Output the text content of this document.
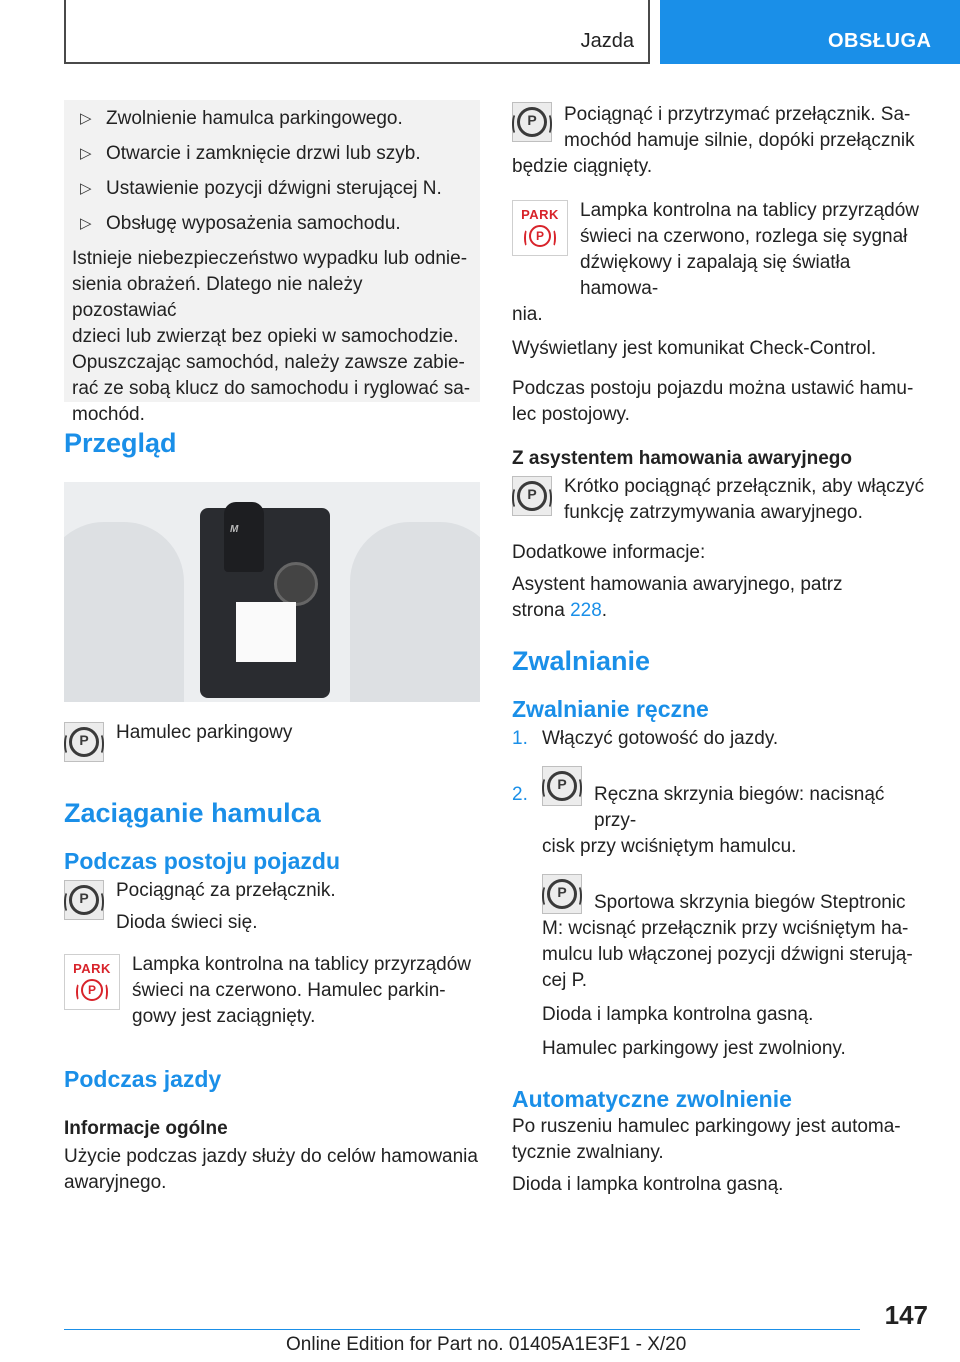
Jazda	OBSŁUGA
▷ Zwolnienie hamulca parkingowego.
▷ Otwarcie i zamknięcie drzwi lub szyb.
▷ Ustawienie pozycji dźwigni sterującej N.
▷ Obsługę wyposażenia samochodu.
Istnieje niebezpieczeństwo wypadku lub odnie-
sienia obrażeń. Dlatego nie należy pozostawiać
dzieci lub zwierząt bez opieki w samochodzie.
Opuszczając samochód, należy zawsze zabie-
rać ze sobą klucz do samochodu i ryglować sa-
mochód.
Przegląd
M
P	Hamulec parkingowy
Zaciąganie hamulca
Podczas postoju pojazdu
P	Pociągnąć za przełącznik.
Dioda świeci się.
PARK
P
Lampka kontrolna na tablicy przyrządów
świeci na czerwono. Hamulec parkin-
gowy jest zaciągnięty.
Podczas jazdy
Informacje ogólne
Użycie podczas jazdy służy do celów hamowania
awaryjnego.
P	Pociągnąć i przytrzymać przełącznik. Sa-
mochód hamuje silnie, dopóki przełącznik
będzie ciągnięty.
PARK
P
Lampka kontrolna na tablicy przyrządów
świeci na czerwono, rozlega się sygnał
dźwiękowy i zapalają się światła hamowa-
nia.
Wyświetlany jest komunikat Check-Control.
Podczas postoju pojazdu można ustawić hamu-
lec postojowy.
Z asystentem hamowania awaryjnego
P	Krótko pociągnąć przełącznik, aby włączyć
funkcję zatrzymywania awaryjnego.
Dodatkowe informacje:
Asystent hamowania awaryjnego, patrz
strona 228.
Zwalnianie
Zwalnianie ręczne
1. Włączyć gotowość do jazdy.
2.	P	Ręczna skrzynia biegów: nacisnąć przy-
cisk przy wciśniętym hamulcu.
P	Sportowa skrzynia biegów Steptronic
M: wcisnąć przełącznik przy wciśniętym ha-
mulcu lub włączonej pozycji dźwigni sterują-
cej P.
Dioda i lampka kontrolna gasną.
Hamulec parkingowy jest zwolniony.
Automatyczne zwolnienie
Po ruszeniu hamulec parkingowy jest automa-
tycznie zwalniany.
Dioda i lampka kontrolna gasną.
147
Online Edition for Part no. 01405A1E3F1 - X/20
